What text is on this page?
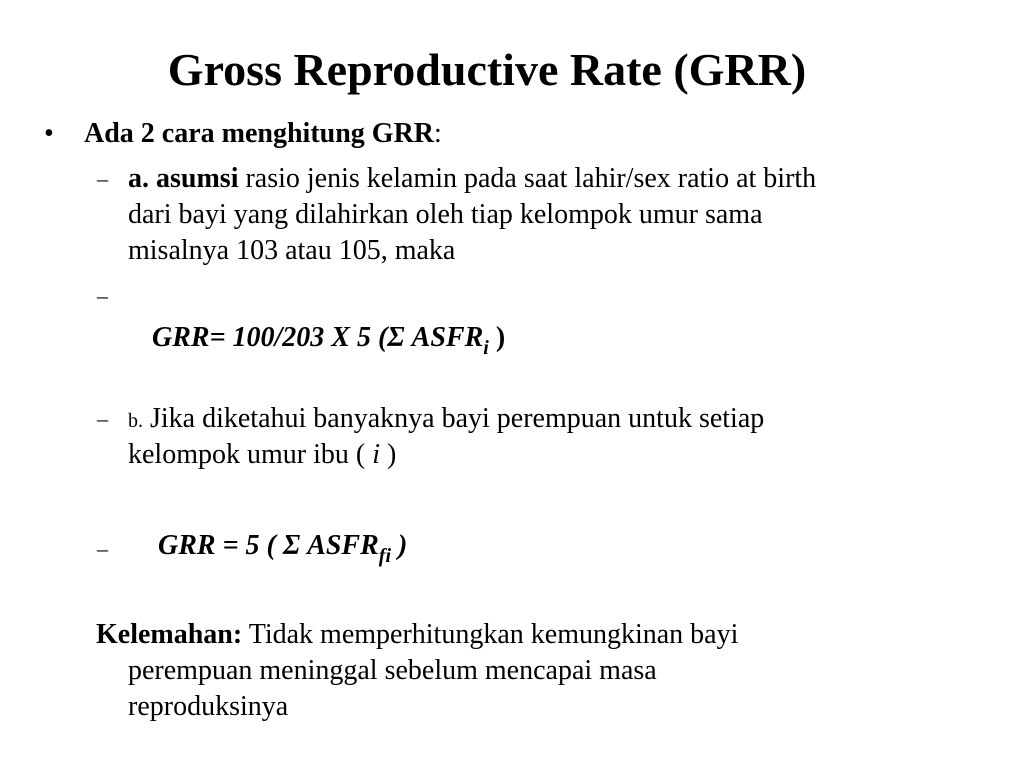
Gross Reproductive Rate (GRR)
• Ada 2 cara menghitung GRR:
– a. asumsi rasio jenis kelamin pada saat lahir/sex ratio at birth
dari bayi yang dilahirkan oleh tiap kelompok umur sama
misalnya 103 atau 105, maka
–
GRR= 100/203 X 5 (Σ $ASFR_i$ )
– b. Jika diketahui banyaknya bayi perempuan untuk setiap
kelompok umur ibu ( i )
– GRR = 5 ( Σ $ASFR_{fi}$ )
Kelemahan: Tidak memperhitungkan kemungkinan bayi
perempuan meninggal sebelum mencapai masa
reproduksinya
